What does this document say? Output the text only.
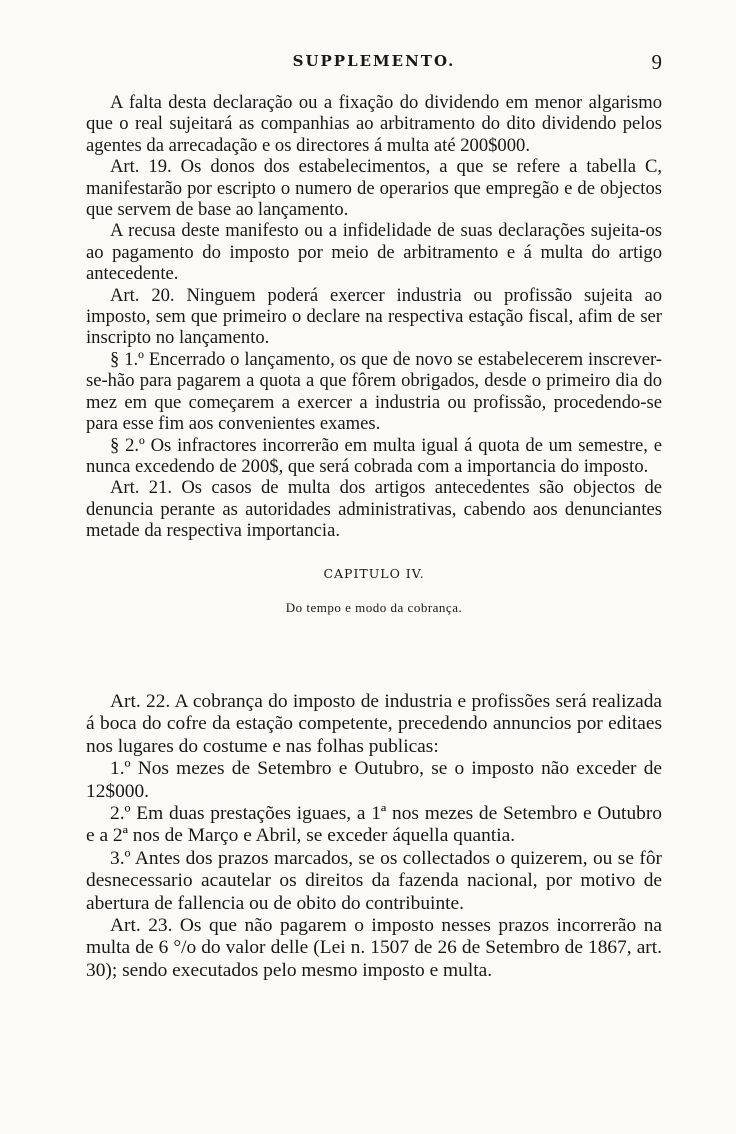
SUPPLEMENTO.	9

A falta desta declaração ou a fixação do dividendo em menor algarismo que o real sujeitará as companhias ao arbitramento do dito dividendo pelos agentes da arrecadação e os directores á multa até 200$000.

Art. 19. Os donos dos estabelecimentos, a que se refere a tabella C, manifestarão por escripto o numero de operarios que empregão e de objectos que servem de base ao lançamento.

A recusa deste manifesto ou a infidelidade de suas declarações sujeita-os ao pagamento do imposto por meio de arbitramento e á multa do artigo antecedente.

Art. 20. Ninguem poderá exercer industria ou profissão sujeita ao imposto, sem que primeiro o declare na respectiva estação fiscal, afim de ser inscripto no lançamento.

§ 1.º Encerrado o lançamento, os que de novo se estabelecerem inscrever-se-hão para pagarem a quota a que fôrem obrigados, desde o primeiro dia do mez em que começarem a exercer a industria ou profissão, procedendo-se para esse fim aos convenientes exames.

§ 2.º Os infractores incorrerão em multa igual á quota de um semestre, e nunca excedendo de 200$, que será cobrada com a importancia do imposto.

Art. 21. Os casos de multa dos artigos antecedentes são objectos de denuncia perante as autoridades administrativas, cabendo aos denunciantes metade da respectiva importancia.

CAPITULO IV.
Do tempo e modo da cobrança.

Art. 22. A cobrança do imposto de industria e profissões será realizada á boca do cofre da estação competente, precedendo annuncios por editaes nos lugares do costume e nas folhas publicas:

1.º Nos mezes de Setembro e Outubro, se o imposto não exceder de 12$000.

2.º Em duas prestações iguaes, a 1ª nos mezes de Setembro e Outubro e a 2ª nos de Março e Abril, se exceder áquella quantia.

3.º Antes dos prazos marcados, se os collectados o quizerem, ou se fôr desnecessario acautelar os direitos da fazenda nacional, por motivo de abertura de fallencia ou de obito do contribuinte.

Art. 23. Os que não pagarem o imposto nesses prazos incorrerão na multa de 6 °/o do valor delle (Lei n. 1507 de 26 de Setembro de 1867, art. 30); sendo executados pelo mesmo imposto e multa.
